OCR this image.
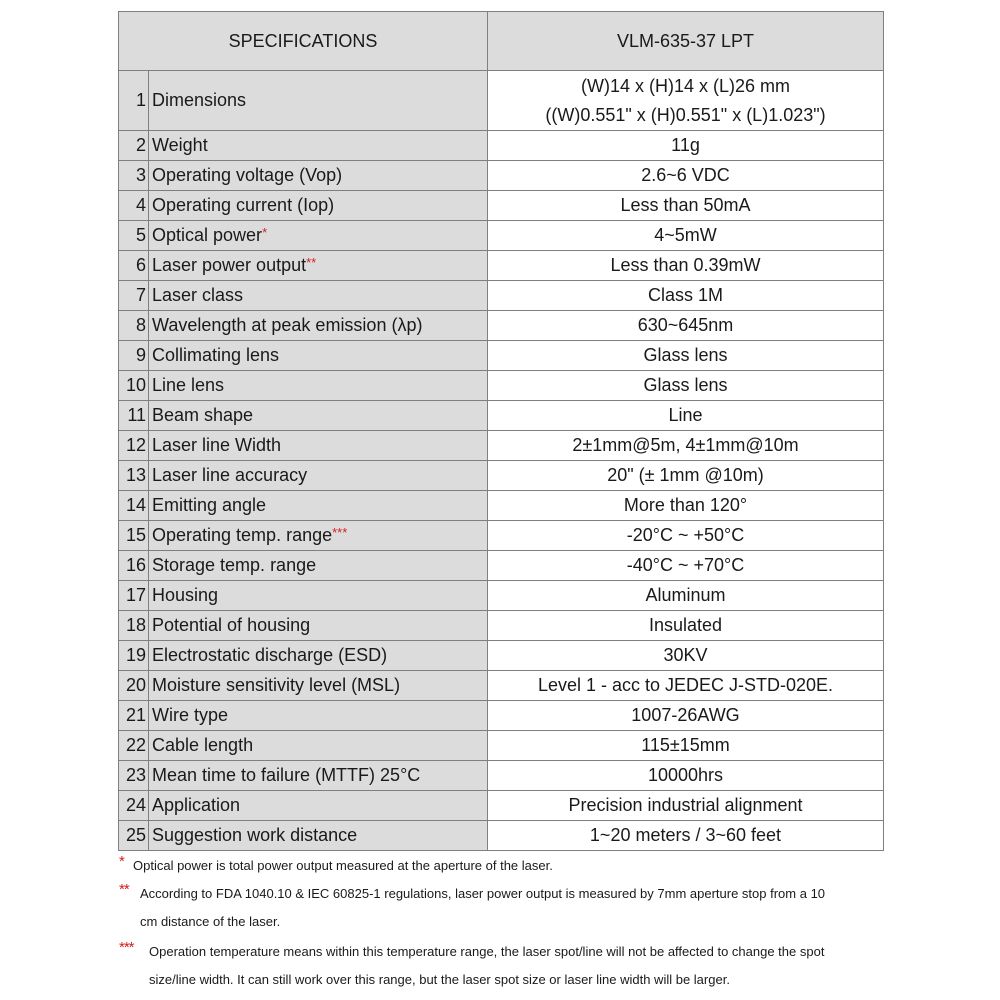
SPECIFICATIONS		VLM-635-37 LPT
1	Dimensions	(W)14 x (H)14 x (L)26 mm
((W)0.551" x (H)0.551" x (L)1.023")

2	Weight	11g
3	Operating voltage (Vop)	2.6~6 VDC
4	Operating current (Iop)	Less than 50mA
5	Optical power*	4~5mW
6	Laser power output**	Less than 0.39mW
7	Laser class	Class 1M
8	Wavelength at peak emission (λp)	630~645nm
9	Collimating lens	Glass lens
10	Line lens	Glass lens
11	Beam shape	Line
12	Laser line Width	2±1mm@5m, 4±1mm@10m
13	Laser line accuracy	20" (± 1mm @10m)
14	Emitting angle	More than 120°
15	Operating temp. range***	-20°C ~ +50°C
16	Storage temp. range	-40°C ~ +70°C
17	Housing	Aluminum
18	Potential of housing	Insulated
19	Electrostatic discharge (ESD)	30KV
20	Moisture sensitivity level (MSL)	Level 1 - acc to JEDEC J-STD-020E.
21	Wire type	1007-26AWG
22	Cable length	115±15mm
23	Mean time to failure (MTTF) 25°C	10000hrs
24	Application	Precision industrial alignment
25	Suggestion work distance	1~20 meters / 3~60 feet
* Optical power is total power output measured at the aperture of the laser.
** According to FDA 1040.10 & IEC 60825-1 regulations, laser power output is measured by 7mm aperture stop from a 10
cm distance of the laser.
*** Operation temperature means within this temperature range, the laser spot/line will not be affected to change the spot
size/line width. It can still work over this range, but the laser spot size or laser line width will be larger.
